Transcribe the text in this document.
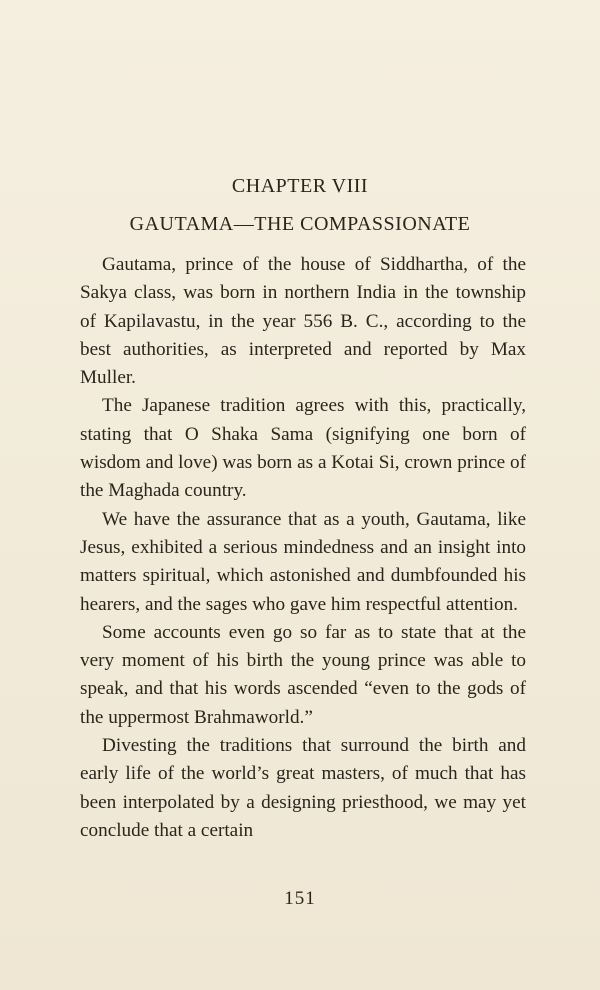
CHAPTER VIII
GAUTAMA—THE COMPASSIONATE

Gautama, prince of the house of Siddhartha, of the Sakya class, was born in northern India in the township of Kapilavastu, in the year 556 B. C., according to the best authorities, as interpreted and reported by Max Muller.

The Japanese tradition agrees with this, practically, stating that O Shaka Sama (signifying one born of wisdom and love) was born as a Kotai Si, crown prince of the Maghada country.

We have the assurance that as a youth, Gautama, like Jesus, exhibited a serious mindedness and an insight into matters spiritual, which astonished and dumbfounded his hearers, and the sages who gave him respectful attention.

Some accounts even go so far as to state that at the very moment of his birth the young prince was able to speak, and that his words ascended “even to the gods of the uppermost Brahmaworld.”

Divesting the traditions that surround the birth and early life of the world’s great masters, of much that has been interpolated by a designing priesthood, we may yet conclude that a certain

151
